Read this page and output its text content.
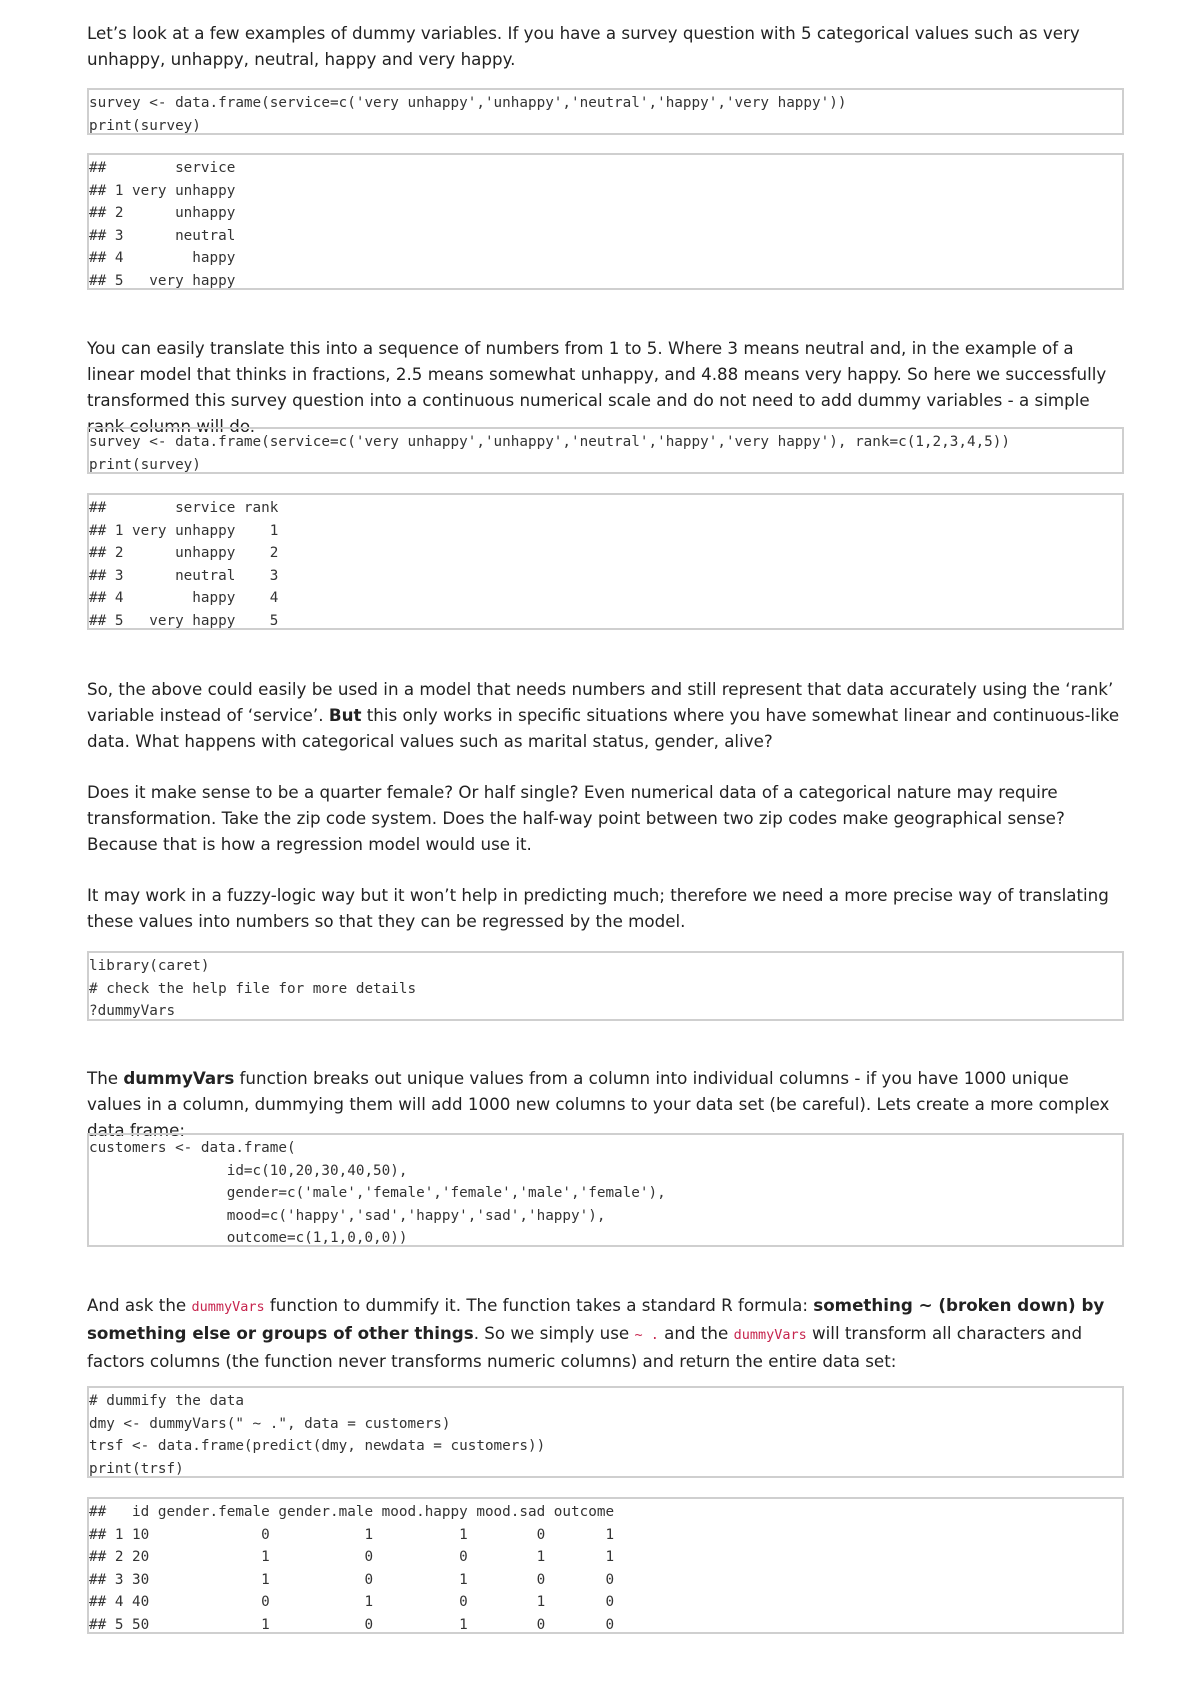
Let’s look at a few examples of dummy variables. If you have a survey question with 5 categorical values such as very unhappy, unhappy, neutral, happy and very happy.

survey <- data.frame(service=c('very unhappy','unhappy','neutral','happy','very happy'))
print(survey)
##        service
## 1 very unhappy
## 2      unhappy
## 3      neutral
## 4        happy
## 5   very happy

You can easily translate this into a sequence of numbers from 1 to 5. Where 3 means neutral and, in the example of a linear model that thinks in fractions, 2.5 means somewhat unhappy, and 4.88 means very happy. So here we successfully transformed this survey question into a continuous numerical scale and do not need to add dummy variables - a simple rank column will do.

survey <- data.frame(service=c('very unhappy','unhappy','neutral','happy','very happy'), rank=c(1,2,3,4,5))
print(survey)
##        service rank
## 1 very unhappy    1
## 2      unhappy    2
## 3      neutral    3
## 4        happy    4
## 5   very happy    5

So, the above could easily be used in a model that needs numbers and still represent that data accurately using the ‘rank’ variable instead of ‘service’. But this only works in specific situations where you have somewhat linear and continuous-like data. What happens with categorical values such as marital status, gender, alive?

Does it make sense to be a quarter female? Or half single? Even numerical data of a categorical nature may require transformation. Take the zip code system. Does the half-way point between two zip codes make geographical sense? Because that is how a regression model would use it.

It may work in a fuzzy-logic way but it won’t help in predicting much; therefore we need a more precise way of translating these values into numbers so that they can be regressed by the model.

library(caret)
# check the help file for more details
?dummyVars

The dummyVars function breaks out unique values from a column into individual columns - if you have 1000 unique values in a column, dummying them will add 1000 new columns to your data set (be careful). Lets create a more complex data frame:

customers <- data.frame(
id=c(10,20,30,40,50),
gender=c('male','female','female','male','female'),
mood=c('happy','sad','happy','sad','happy'),
outcome=c(1,1,0,0,0))

And ask the dummyVars function to dummify it. The function takes a standard R formula: something ~ (broken down) by something else or groups of other things. So we simply use ~ . and the dummyVars will transform all characters and factors columns (the function never transforms numeric columns) and return the entire data set:

# dummify the data
dmy <- dummyVars(" ~ .", data = customers)
trsf <- data.frame(predict(dmy, newdata = customers))
print(trsf)
##   id gender.female gender.male mood.happy mood.sad outcome
## 1 10             0           1          1        0       1
## 2 20             1           0          0        1       1
## 3 30             1           0          1        0       0
## 4 40             0           1          0        1       0
## 5 50             1           0          1        0       0
